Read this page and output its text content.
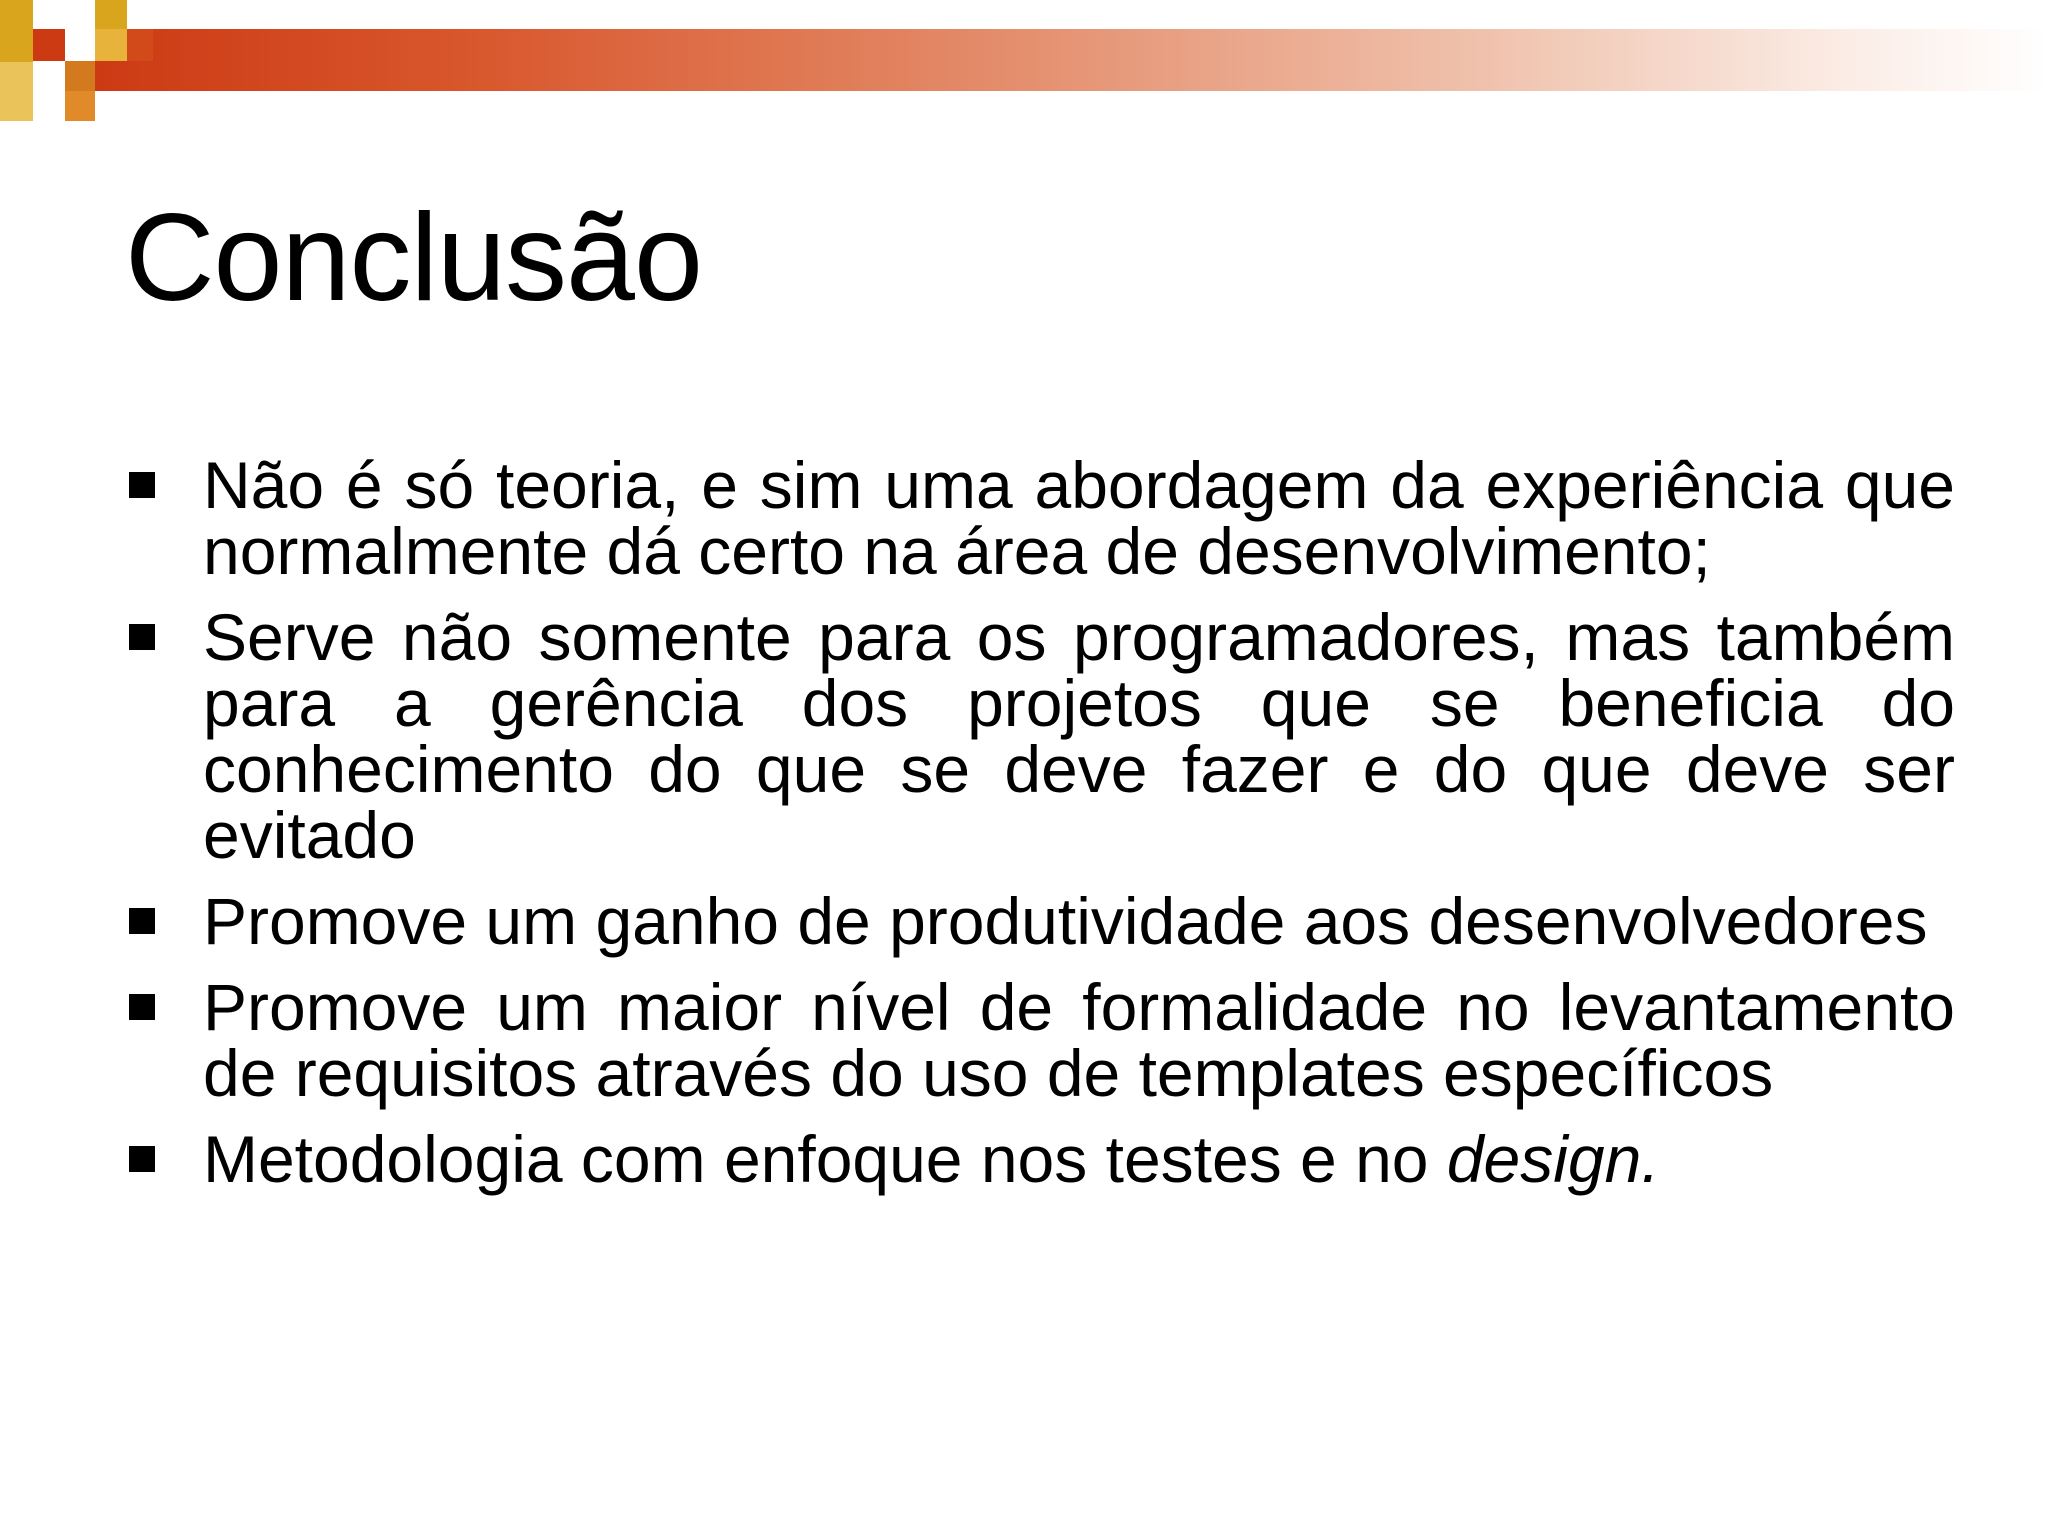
Conclusão
Não é só teoria, e sim uma abordagem da experiência que normalmente dá certo na área de desenvolvimento;
Serve não somente para os programadores, mas também para a gerência dos projetos que se beneficia do conhecimento do que se deve fazer e do que deve ser evitado
Promove um ganho de produtividade aos desenvolvedores
Promove um maior nível de formalidade no levantamento de requisitos através do uso de templates específicos
Metodologia com enfoque nos testes e no design.
